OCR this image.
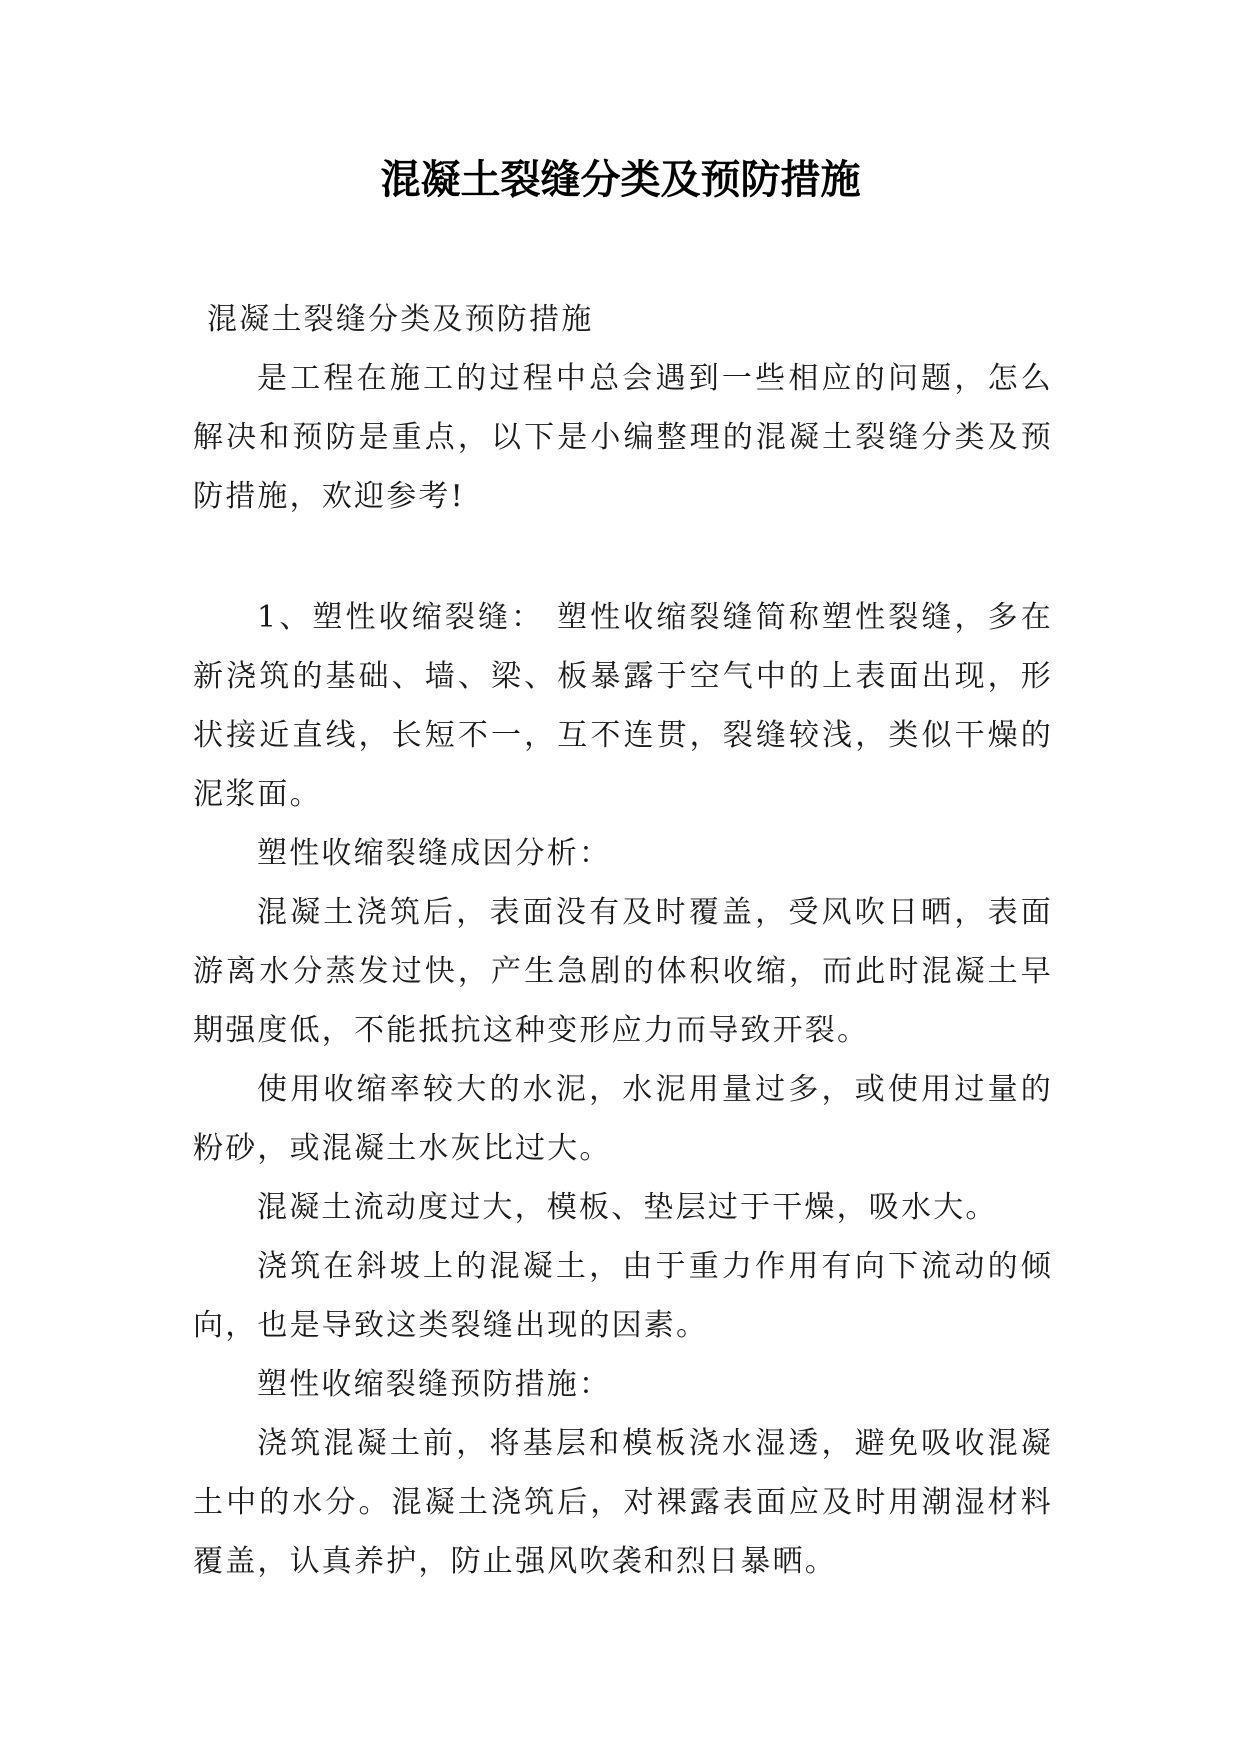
混凝土裂缝分类及预防措施

混凝土裂缝分类及预防措施

是工程在施工的过程中总会遇到一些相应的问题，怎么解决和预防是重点，以下是小编整理的混凝土裂缝分类及预防措施，欢迎参考!

1、塑性收缩裂缝： 塑性收缩裂缝简称塑性裂缝，多在新浇筑的基础、墙、梁、板暴露于空气中的上表面出现，形状接近直线，长短不一，互不连贯，裂缝较浅，类似干燥的泥浆面。

塑性收缩裂缝成因分析：

混凝土浇筑后，表面没有及时覆盖，受风吹日晒，表面游离水分蒸发过快，产生急剧的体积收缩，而此时混凝土早期强度低，不能抵抗这种变形应力而导致开裂。

使用收缩率较大的水泥，水泥用量过多，或使用过量的粉砂，或混凝土水灰比过大。

混凝土流动度过大，模板、垫层过于干燥，吸水大。

浇筑在斜坡上的混凝土，由于重力作用有向下流动的倾向，也是导致这类裂缝出现的因素。

塑性收缩裂缝预防措施：

浇筑混凝土前，将基层和模板浇水湿透，避免吸收混凝土中的水分。混凝土浇筑后，对裸露表面应及时用潮湿材料覆盖，认真养护，防止强风吹袭和烈日暴晒。
